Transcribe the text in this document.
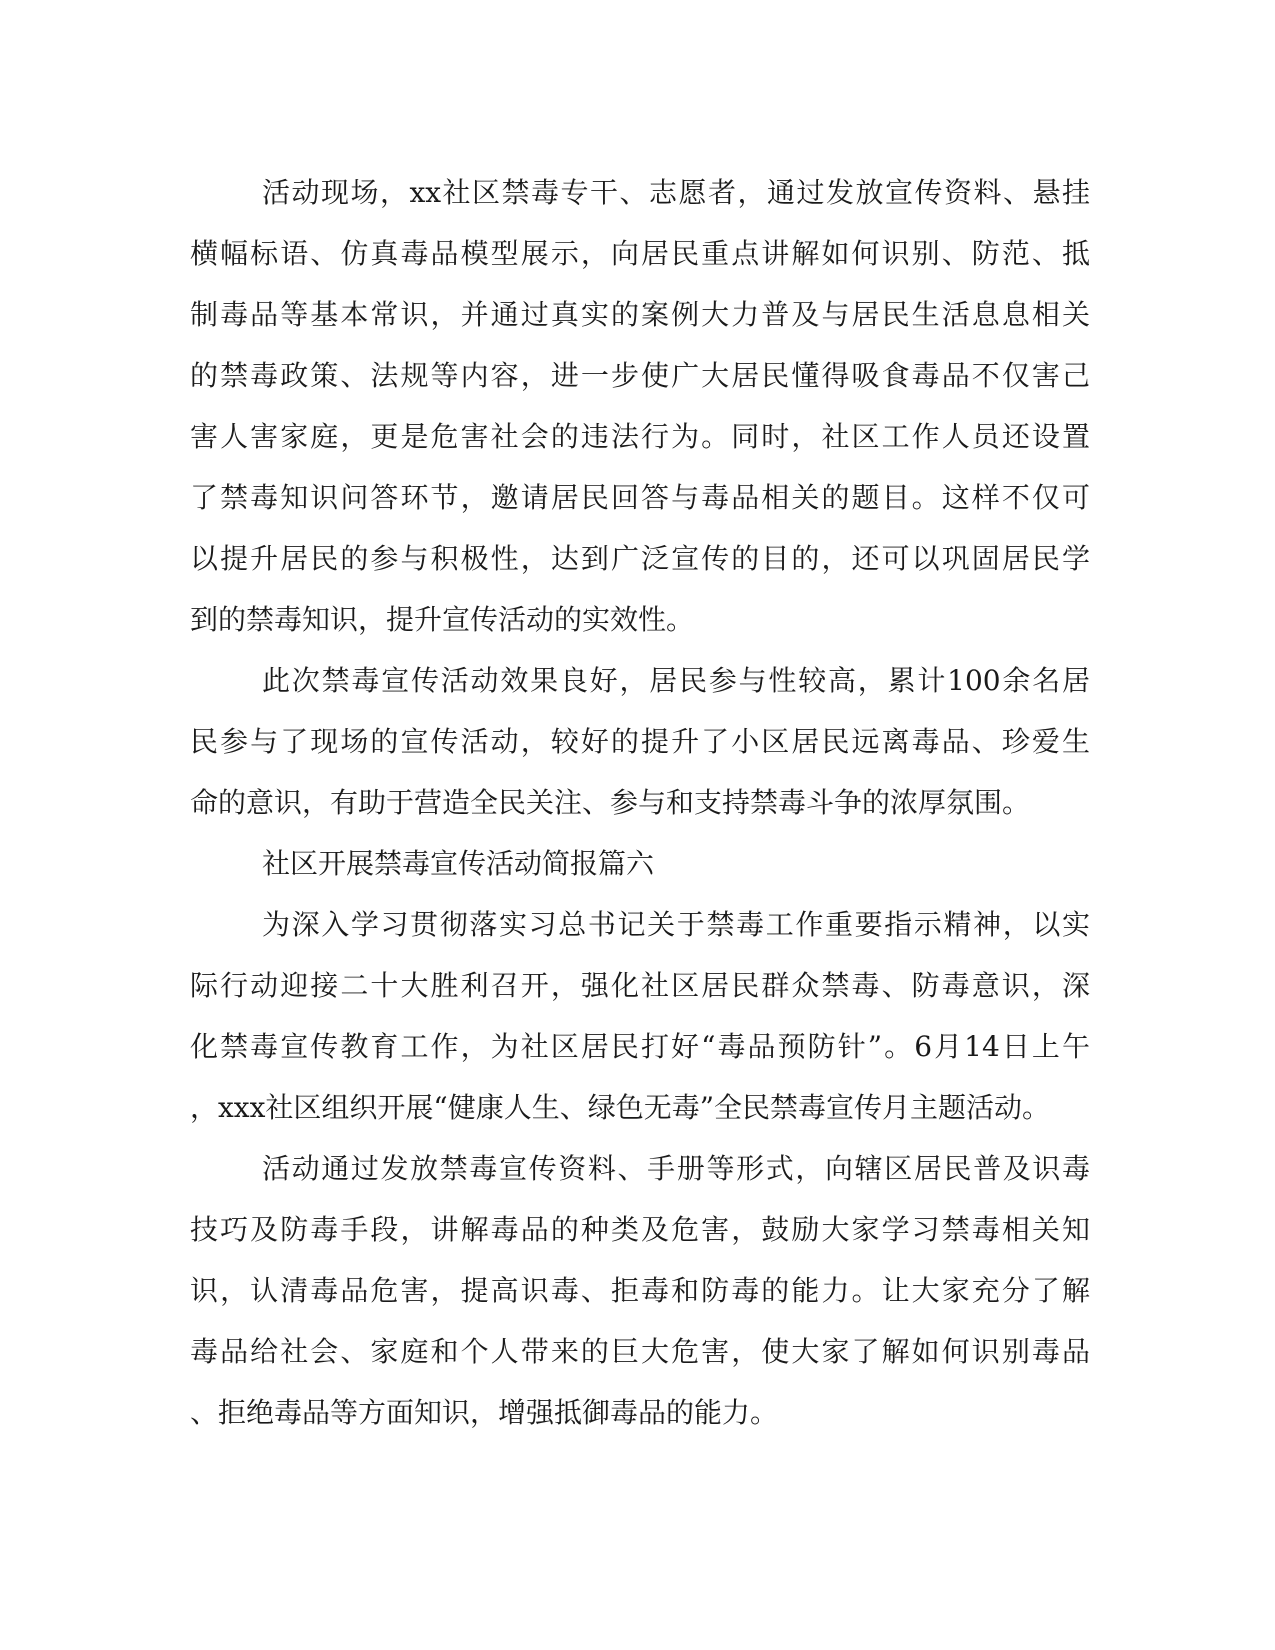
活动现场，xx社区禁毒专干、志愿者，通过发放宣传资料、悬挂
横幅标语、仿真毒品模型展示，向居民重点讲解如何识别、防范、抵
制毒品等基本常识，并通过真实的案例大力普及与居民生活息息相关
的禁毒政策、法规等内容，进一步使广大居民懂得吸食毒品不仅害己
害人害家庭，更是危害社会的违法行为。同时，社区工作人员还设置
了禁毒知识问答环节，邀请居民回答与毒品相关的题目。这样不仅可
以提升居民的参与积极性，达到广泛宣传的目的，还可以巩固居民学
到的禁毒知识，提升宣传活动的实效性。
此次禁毒宣传活动效果良好，居民参与性较高，累计100余名居
民参与了现场的宣传活动，较好的提升了小区居民远离毒品、珍爱生
命的意识，有助于营造全民关注、参与和支持禁毒斗争的浓厚氛围。
社区开展禁毒宣传活动简报篇六
为深入学习贯彻落实习总书记关于禁毒工作重要指示精神，以实
际行动迎接二十大胜利召开，强化社区居民群众禁毒、防毒意识，深
化禁毒宣传教育工作，为社区居民打好“毒品预防针”。6月14日上午
，xxx社区组织开展“健康人生、绿色无毒”全民禁毒宣传月主题活动。
活动通过发放禁毒宣传资料、手册等形式，向辖区居民普及识毒
技巧及防毒手段，讲解毒品的种类及危害，鼓励大家学习禁毒相关知
识，认清毒品危害，提高识毒、拒毒和防毒的能力。让大家充分了解
毒品给社会、家庭和个人带来的巨大危害，使大家了解如何识别毒品
、拒绝毒品等方面知识，增强抵御毒品的能力。
